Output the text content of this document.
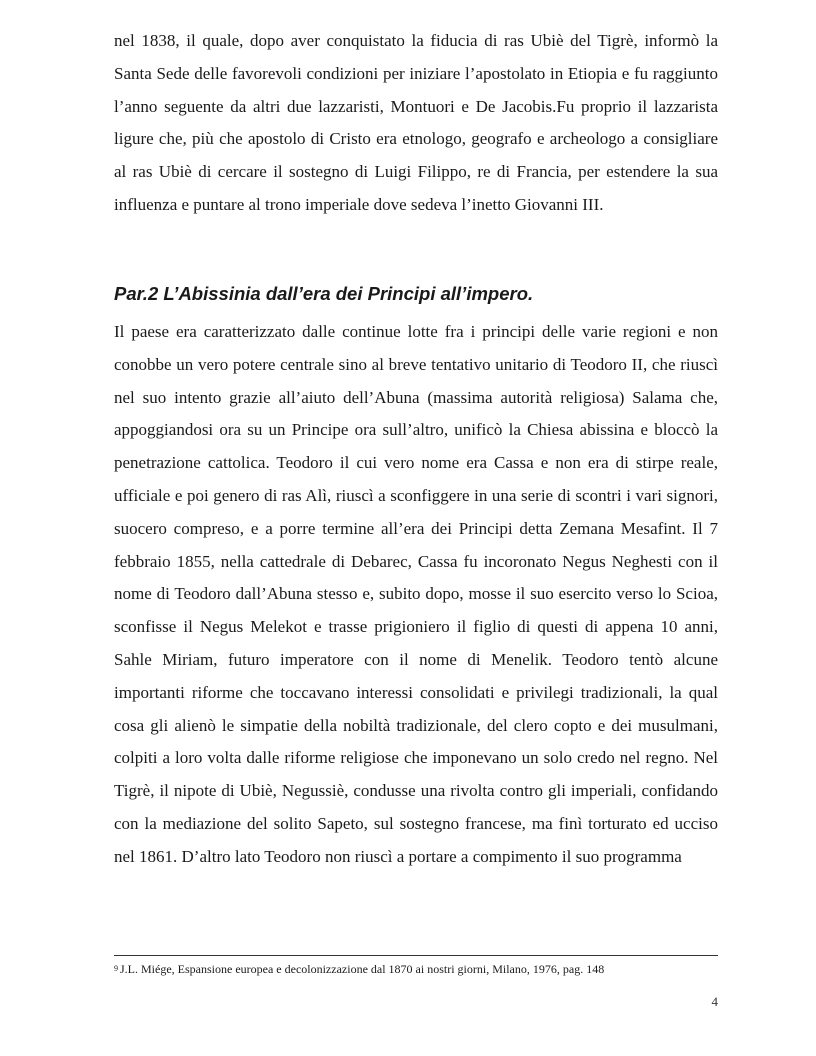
nel 1838, il quale, dopo aver conquistato la fiducia di ras Ubiè del Tigrè, informò la Santa Sede delle favorevoli condizioni per iniziare l’apostolato in Etiopia e fu raggiunto l’anno seguente da altri due lazzaristi, Montuori e De Jacobis.Fu proprio il lazzarista ligure che, più che apostolo di Cristo era etnologo, geografo e archeologo a consigliare al ras Ubiè di cercare il sostegno di Luigi Filippo, re di Francia, per estendere la sua influenza e puntare al trono imperiale dove sedeva l’inetto Giovanni III.

Par.2 L’Abissinia dall’era dei Principi all’impero.

Il paese era caratterizzato dalle continue lotte fra i principi delle varie regioni e non conobbe un vero potere centrale sino al breve tentativo unitario di Teodoro II, che riuscì nel suo intento grazie all’aiuto dell’Abuna (massima autorità religiosa) Salama che, appoggiandosi ora su un Principe ora sull’altro, unificò la Chiesa abissina e bloccò la penetrazione cattolica. Teodoro il cui vero nome era Cassa e non era di stirpe reale, ufficiale e poi genero di ras Alì, riuscì a sconfiggere in una serie di scontri i vari signori, suocero compreso, e a porre termine all’era dei Principi detta Zemana Mesafint. Il 7 febbraio 1855, nella cattedrale di Debarec, Cassa fu incoronato Negus Neghesti con il nome di Teodoro dall’Abuna stesso e, subito dopo, mosse il suo esercito verso lo Scioa, sconfisse il Negus Melekot e trasse prigioniero il figlio di questi di appena 10 anni, Sahle Miriam, futuro imperatore con il nome di Menelik. Teodoro tentò alcune importanti riforme che toccavano interessi consolidati e privilegi tradizionali, la qual cosa gli alienò le simpatie della nobiltà tradizionale, del clero copto e dei musulmani, colpiti a loro volta dalle riforme religiose che imponevano un solo credo nel regno. Nel Tigrè, il nipote di Ubiè, Negussiè, condusse una rivolta contro gli imperiali, confidando con la mediazione del solito Sapeto, sul sostegno francese, ma finì torturato ed ucciso nel 1861. D’altro lato Teodoro non riuscì a portare a compimento il suo programma

$^9$ J.L. Miége, Espansione europea e decolonizzazione dal 1870 ai nostri giorni, Milano, 1976, pag. 148

4
